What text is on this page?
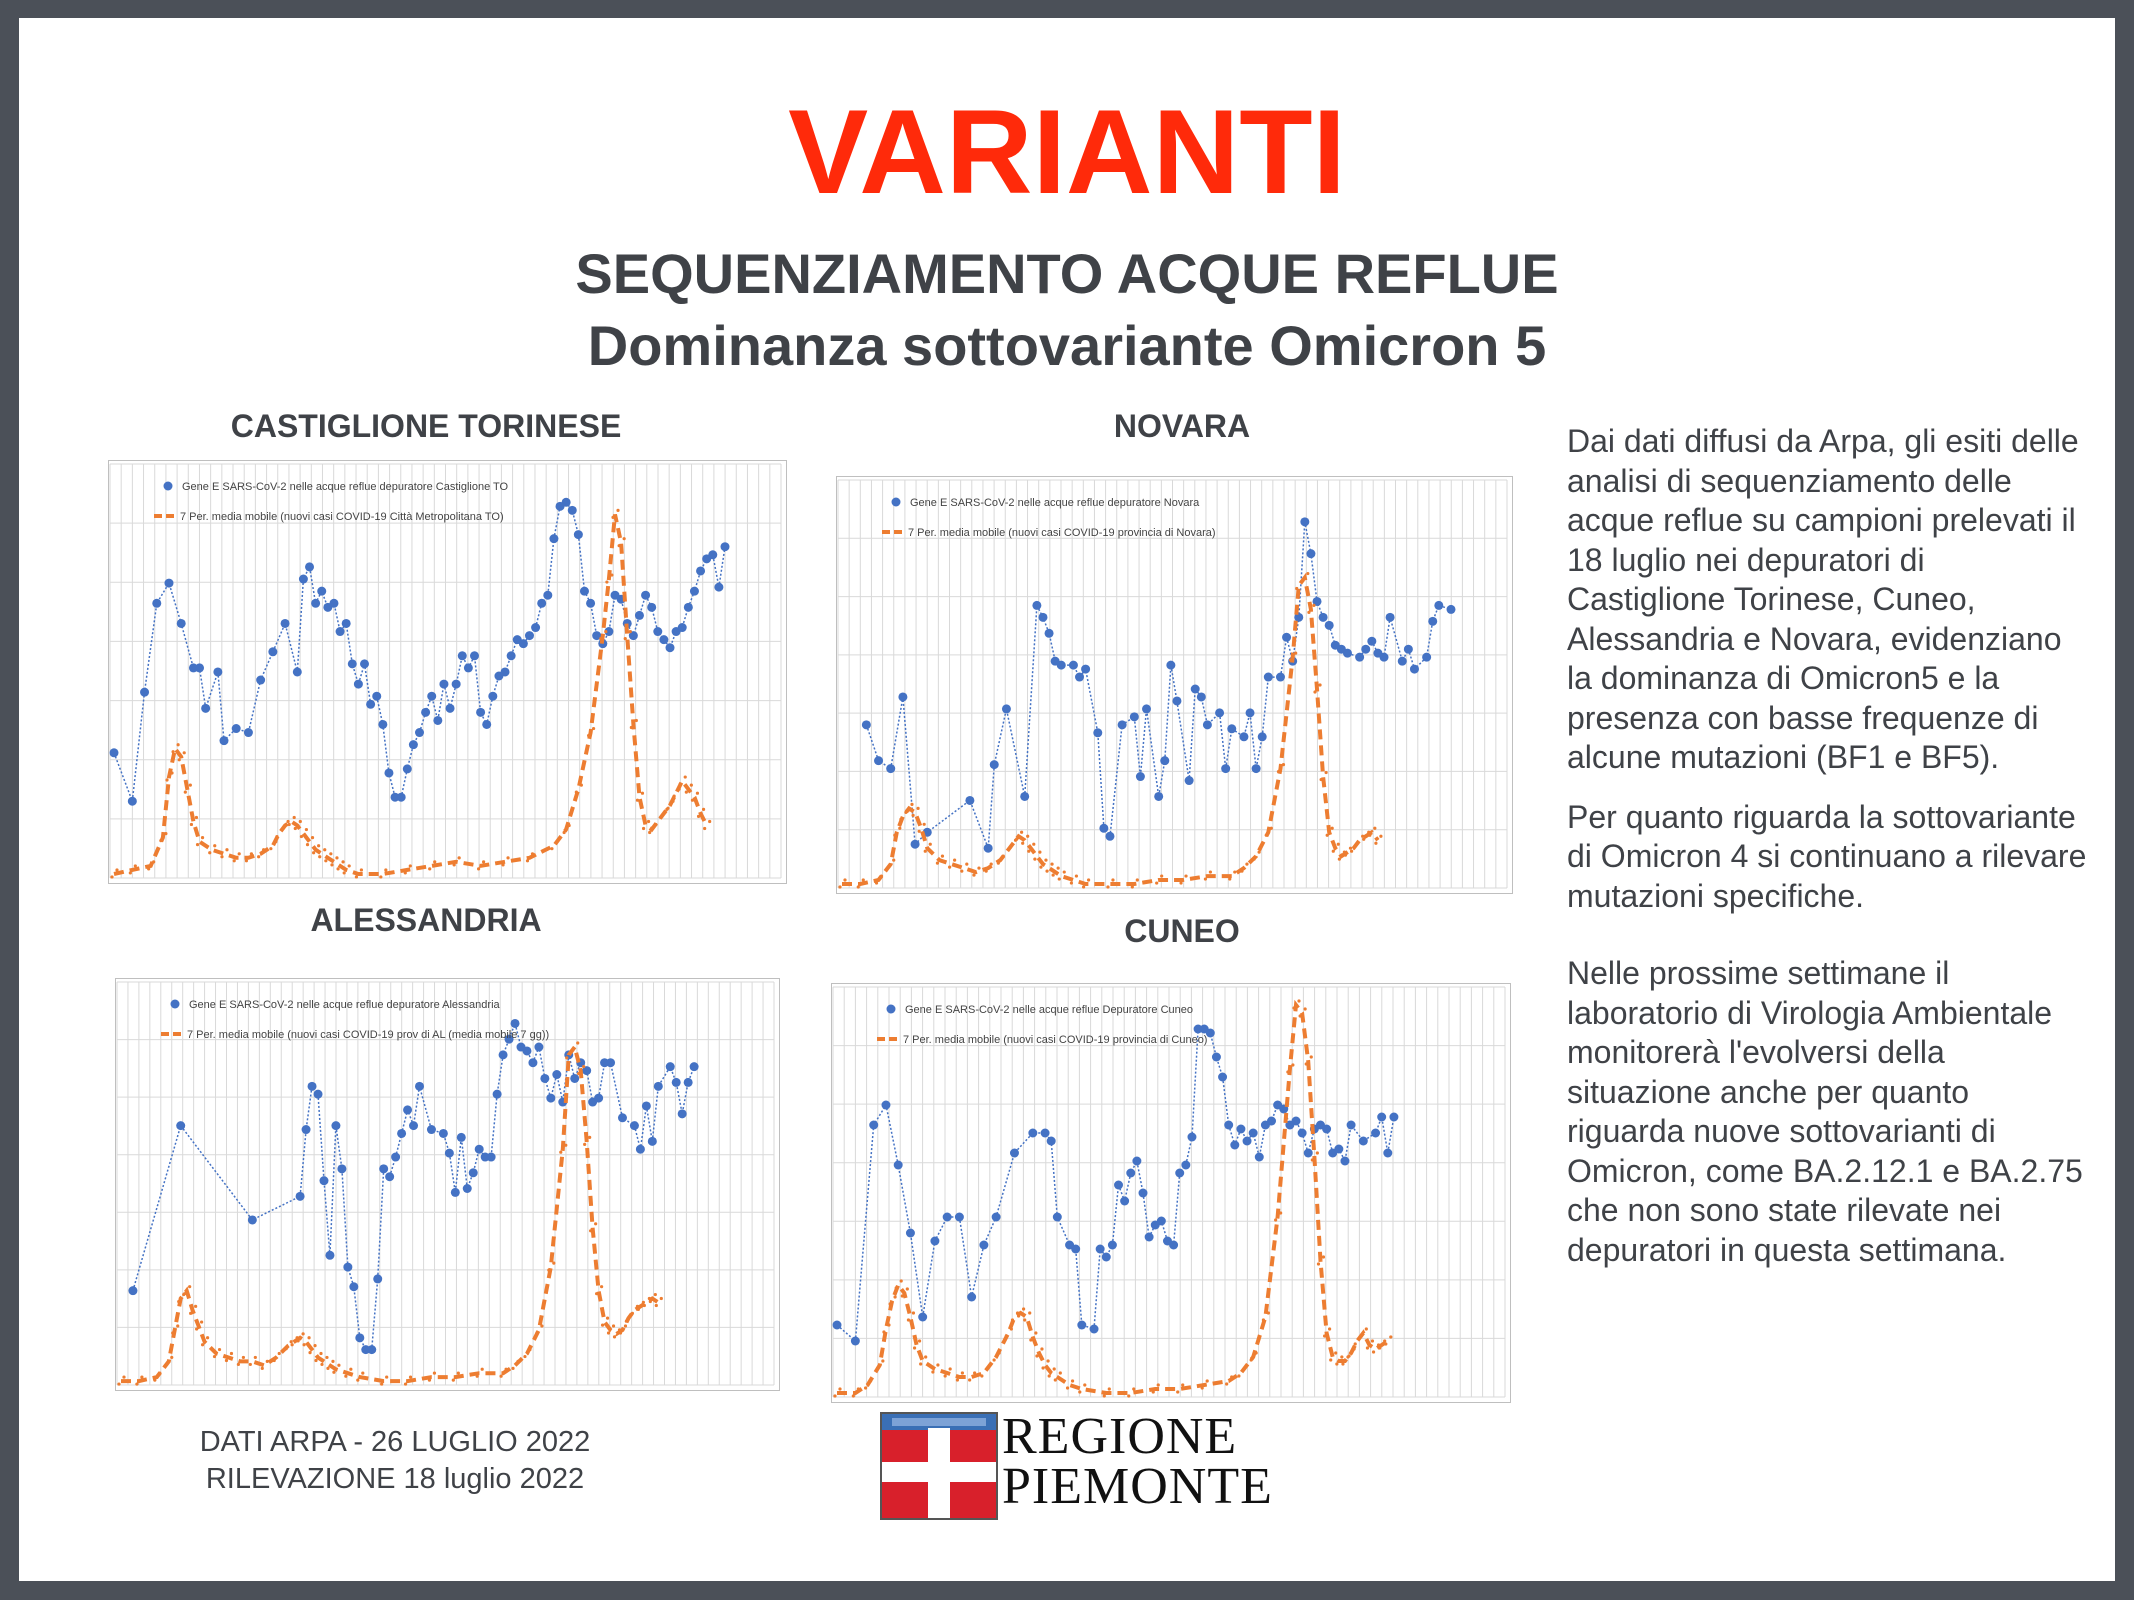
VARIANTI
SEQUENZIAMENTO ACQUE REFLUE
Dominanza sottovariante Omicron 5
CASTIGLIONE TORINESE	NOVARA
ALESSANDRIA	CUNEO
Gene E SARS-CoV-2 nelle acque reflue depuratore Castiglione TO
7 Per. media mobile (nuovi casi COVID-19 Città Metropolitana TO)
Gene E SARS-CoV-2 nelle acque reflue depuratore Novara
7 Per. media mobile (nuovi casi COVID-19 provincia di Novara)
Gene E SARS-CoV-2 nelle acque reflue depuratore Alessandria
7 Per. media mobile (nuovi casi COVID-19 prov di AL (media mobile 7 gg))
Gene E SARS-CoV-2 nelle acque reflue Depuratore Cuneo
7 Per. media mobile (nuovi casi COVID-19 provincia di Cuneo)

Dai dati diffusi da Arpa, gli esiti delle analisi di sequenziamento delle acque reflue su campioni prelevati il 18 luglio nei depuratori di Castiglione Torinese, Cuneo, Alessandria e Novara, evidenziano la dominanza di Omicron5 e la presenza con basse frequenze di alcune mutazioni (BF1 e BF5).

Per quanto riguarda la sottovariante di Omicron 4 si continuano a rilevare mutazioni specifiche.

Nelle prossime settimane il laboratorio di Virologia Ambientale monitorerà l'evolversi della situazione anche per quanto riguarda nuove sottovarianti di Omicron, come BA.2.12.1 e BA.2.75 che non sono state rilevate nei depuratori in questa settimana.

DATI ARPA - 26 LUGLIO 2022
RILEVAZIONE 18 luglio 2022
REGIONE
PIEMONTE
